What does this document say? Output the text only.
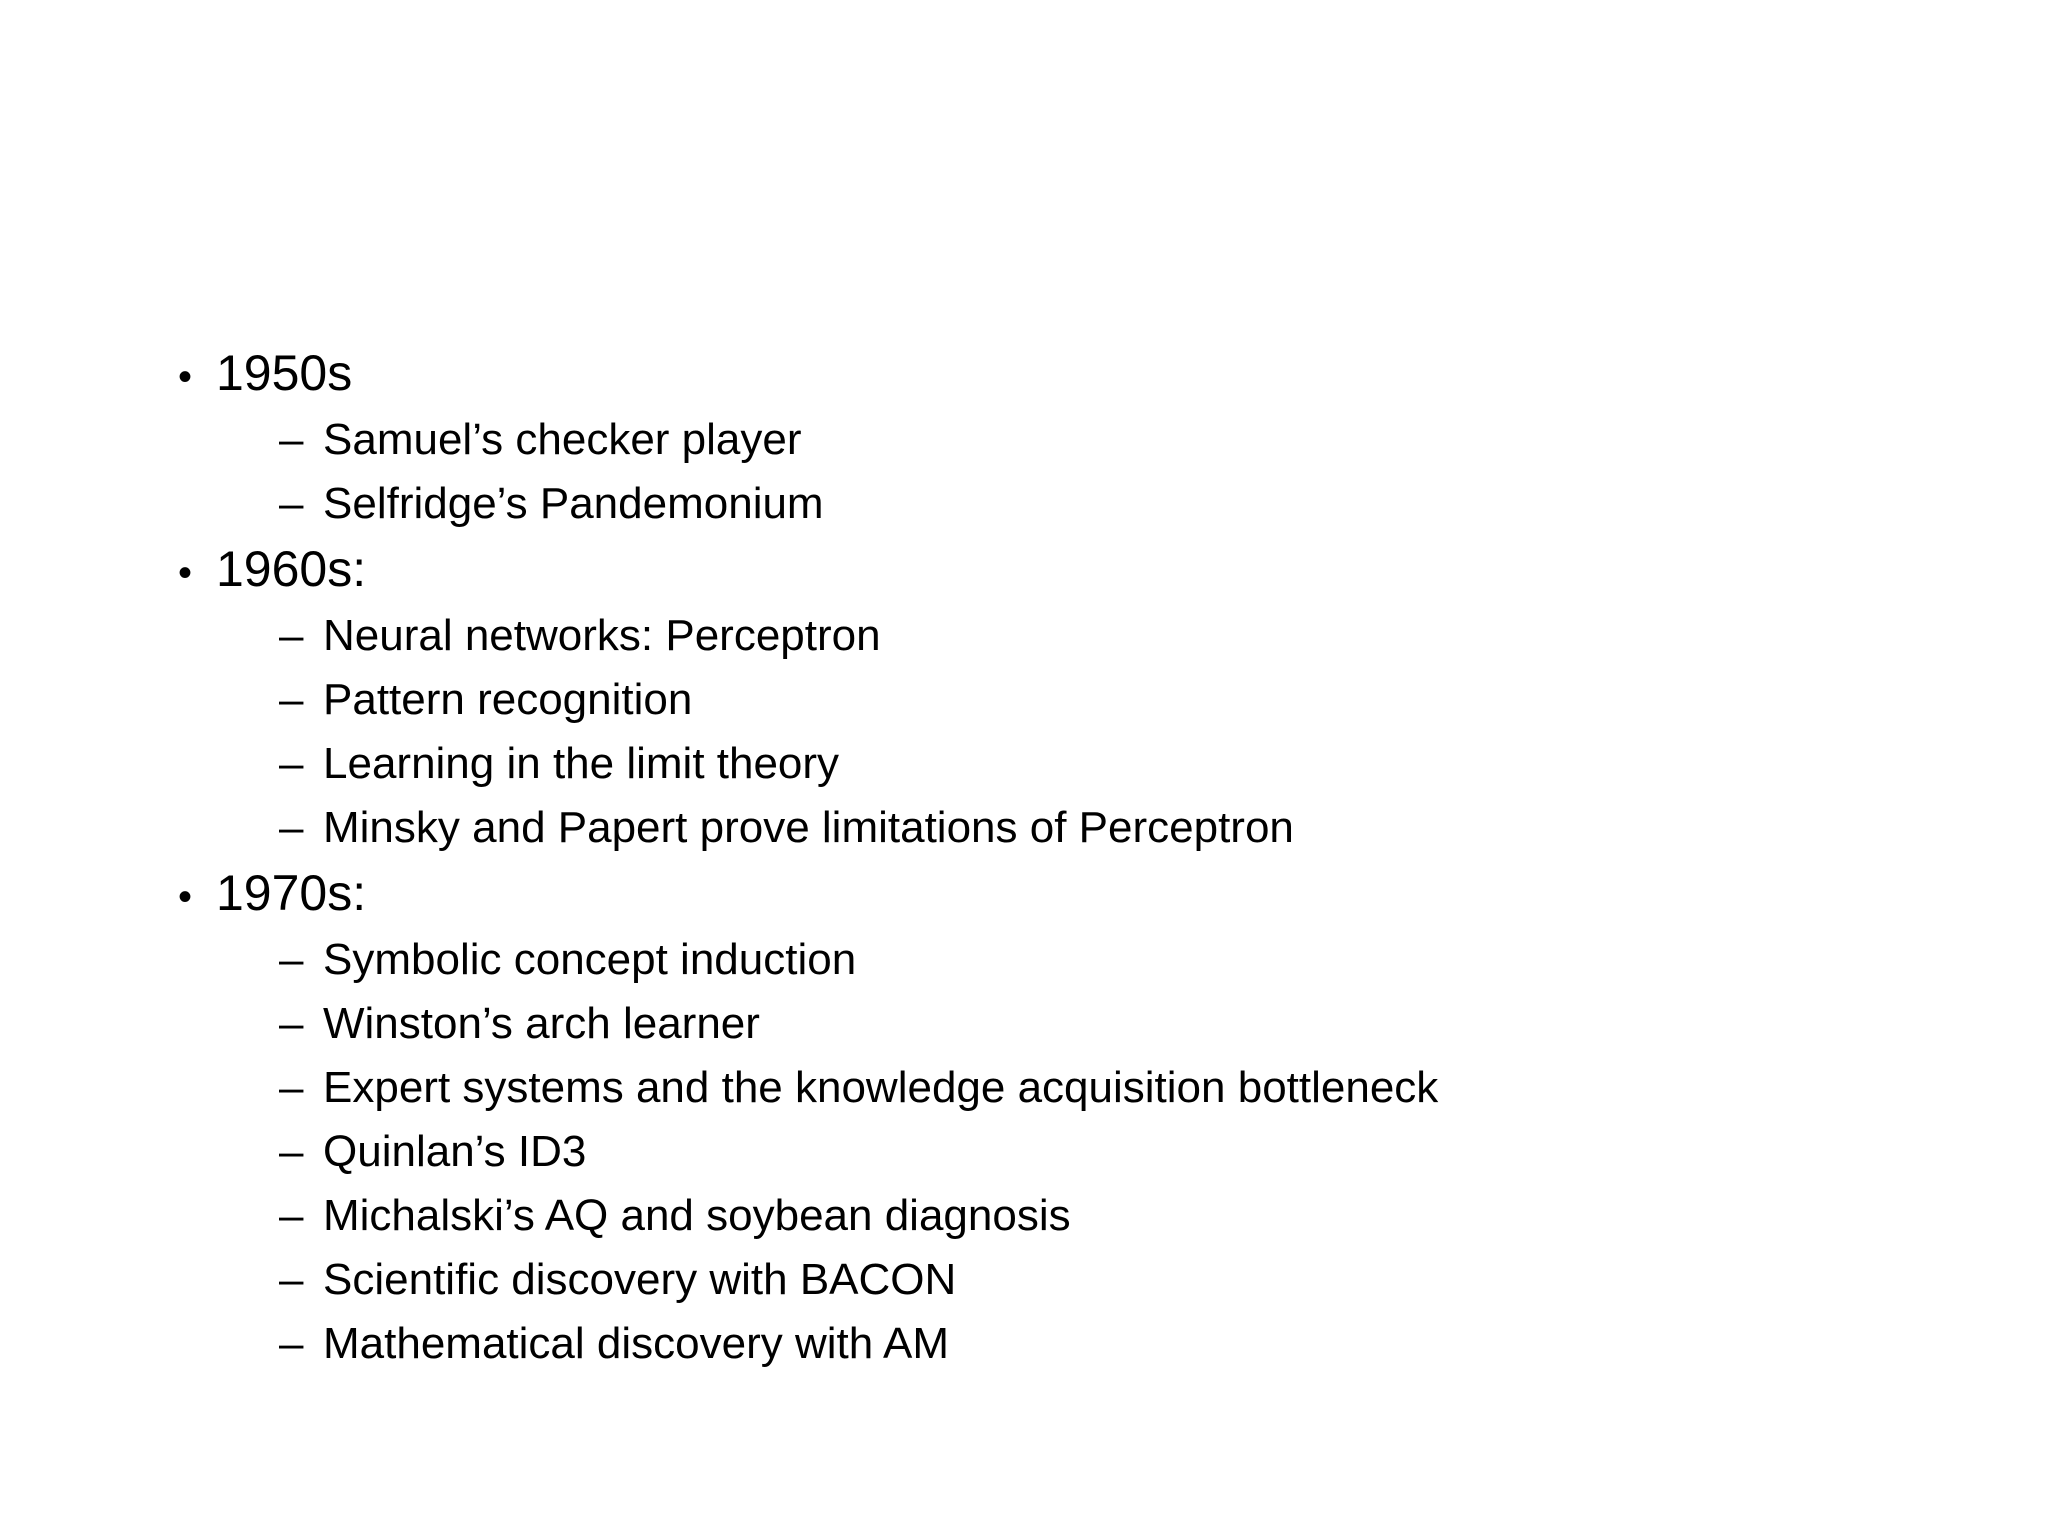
• 1950s
– Samuel’s checker player
– Selfridge’s Pandemonium
• 1960s:
– Neural networks: Perceptron
– Pattern recognition
– Learning in the limit theory
– Minsky and Papert prove limitations of Perceptron
• 1970s:
– Symbolic concept induction
– Winston’s arch learner
– Expert systems and the knowledge acquisition bottleneck
– Quinlan’s ID3
– Michalski’s AQ and soybean diagnosis
– Scientific discovery with BACON
– Mathematical discovery with AM
